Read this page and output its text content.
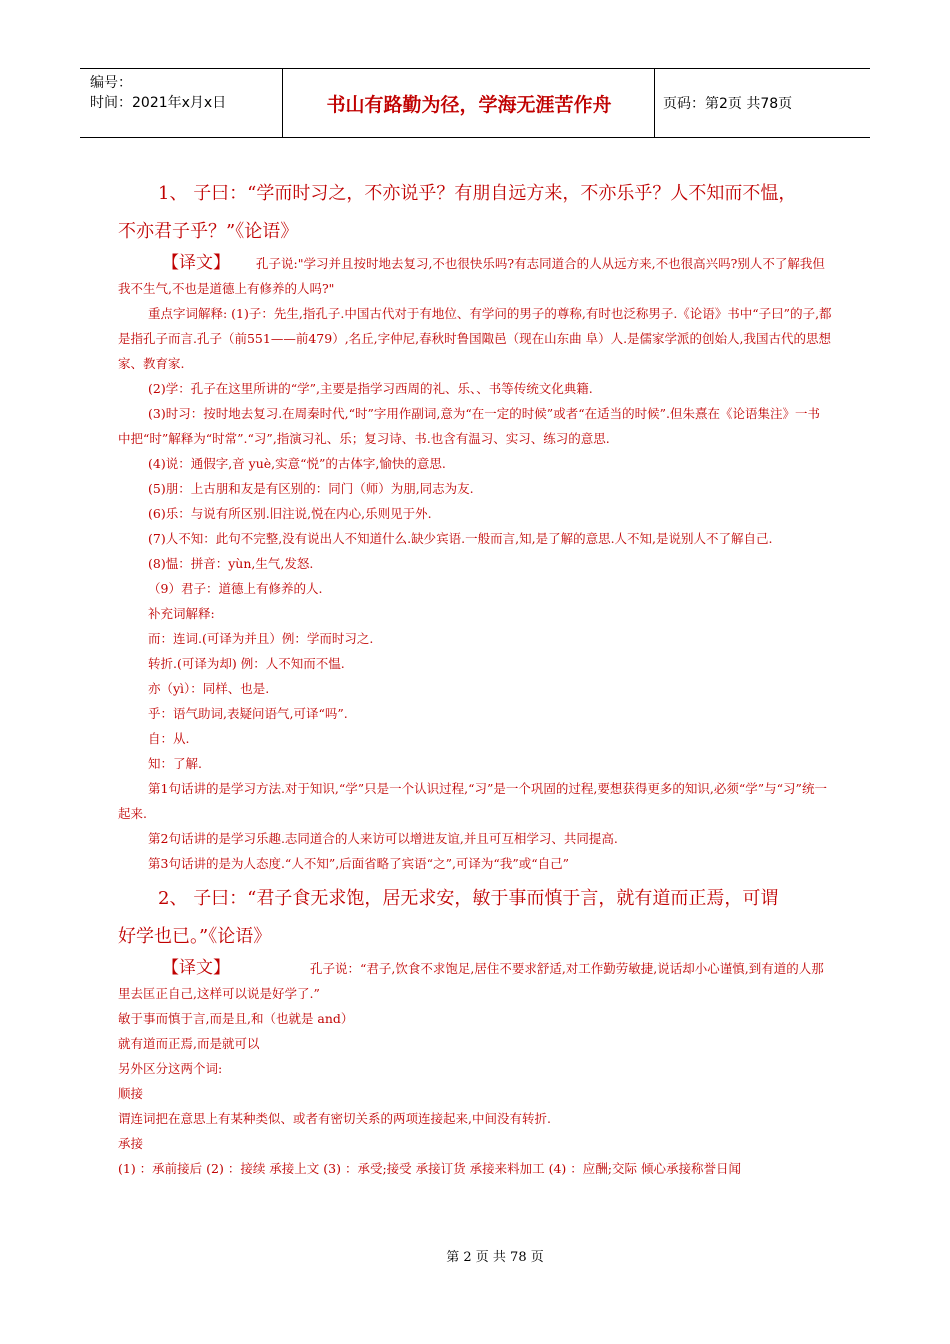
编号：
时间：2021年x月x日	书山有路勤为径，学海无涯苦作舟	页码：第2页 共78页

1、 子曰：“学而时习之，不亦说乎？有朋自远方来，不亦乐乎？人不知而不愠，

不亦君子乎？”《论语》

【译文】 孔子说:"学习并且按时地去复习,不也很快乐吗?有志同道合的人从远方来,不也很高兴吗?别人不了解我但我不生气,不也是道德上有修养的人吗?"

重点字词解释: (1)子：先生,指孔子.中国古代对于有地位、有学问的男子的尊称,有时也泛称男子.《论语》书中“子曰”的子,都是指孔子而言.孔子（前551——前479）,名丘,字仲尼,春秋时鲁国陬邑（现在山东曲 阜）人.是儒家学派的创始人,我国古代的思想家、教育家.

(2)学：孔子在这里所讲的“学”,主要是指学习西周的礼、乐、、书等传统文化典籍.

(3)时习：按时地去复习.在周秦时代,“时”字用作副词,意为“在一定的时候”或者“在适当的时候”.但朱熹在《论语集注》一书中把“时”解释为“时常”.“习”,指演习礼、乐；复习诗、书.也含有温习、实习、练习的意思.

(4)说：通假字,音 yuè,实意“悦”的古体字,愉快的意思.

(5)朋：上古朋和友是有区别的：同门（师）为朋,同志为友.

(6)乐：与说有所区别.旧注说,悦在内心,乐则见于外.

(7)人不知：此句不完整,没有说出人不知道什么.缺少宾语.一般而言,知,是了解的意思.人不知,是说别人不了解自己.

(8)愠：拼音：yùn,生气,发怒.

（9）君子：道德上有修养的人.

补充词解释:

而：连词.(可译为并且）例：学而时习之.

转折.(可译为却) 例：人不知而不愠.

亦（yì）：同样、也是.

乎：语气助词,表疑问语气,可译“吗”.

自：从.

知：了解.

第1句话讲的是学习方法.对于知识,“学”只是一个认识过程,“习”是一个巩固的过程,要想获得更多的知识,必须“学”与“习”统一起来.

第2句话讲的是学习乐趣.志同道合的人来访可以增进友谊,并且可互相学习、共同提高.

第3句话讲的是为人态度.“人不知”,后面省略了宾语“之”,可译为“我”或“自己”

2、 子曰：“君子食无求饱，居无求安，敏于事而慎于言，就有道而正焉，可谓

好学也已。”《论语》

【译文】	孔子说：“君子,饮食不求饱足,居住不要求舒适,对工作勤劳敏捷,说话却小心谨慎,到有道的人那里去匡正自己,这样可以说是好学了.”

敏于事而慎于言,而是且,和（也就是 and）

就有道而正焉,而是就可以

另外区分这两个词:

顺接

谓连词把在意思上有某种类似、或者有密切关系的两项连接起来,中间没有转折.

承接

(1) ：承前接后 (2) ：接续 承接上文 (3) ：承受;接受 承接订货 承接来料加工 (4) ：应酬;交际 倾心承接称誉日闻

第 2 页 共 78 页
